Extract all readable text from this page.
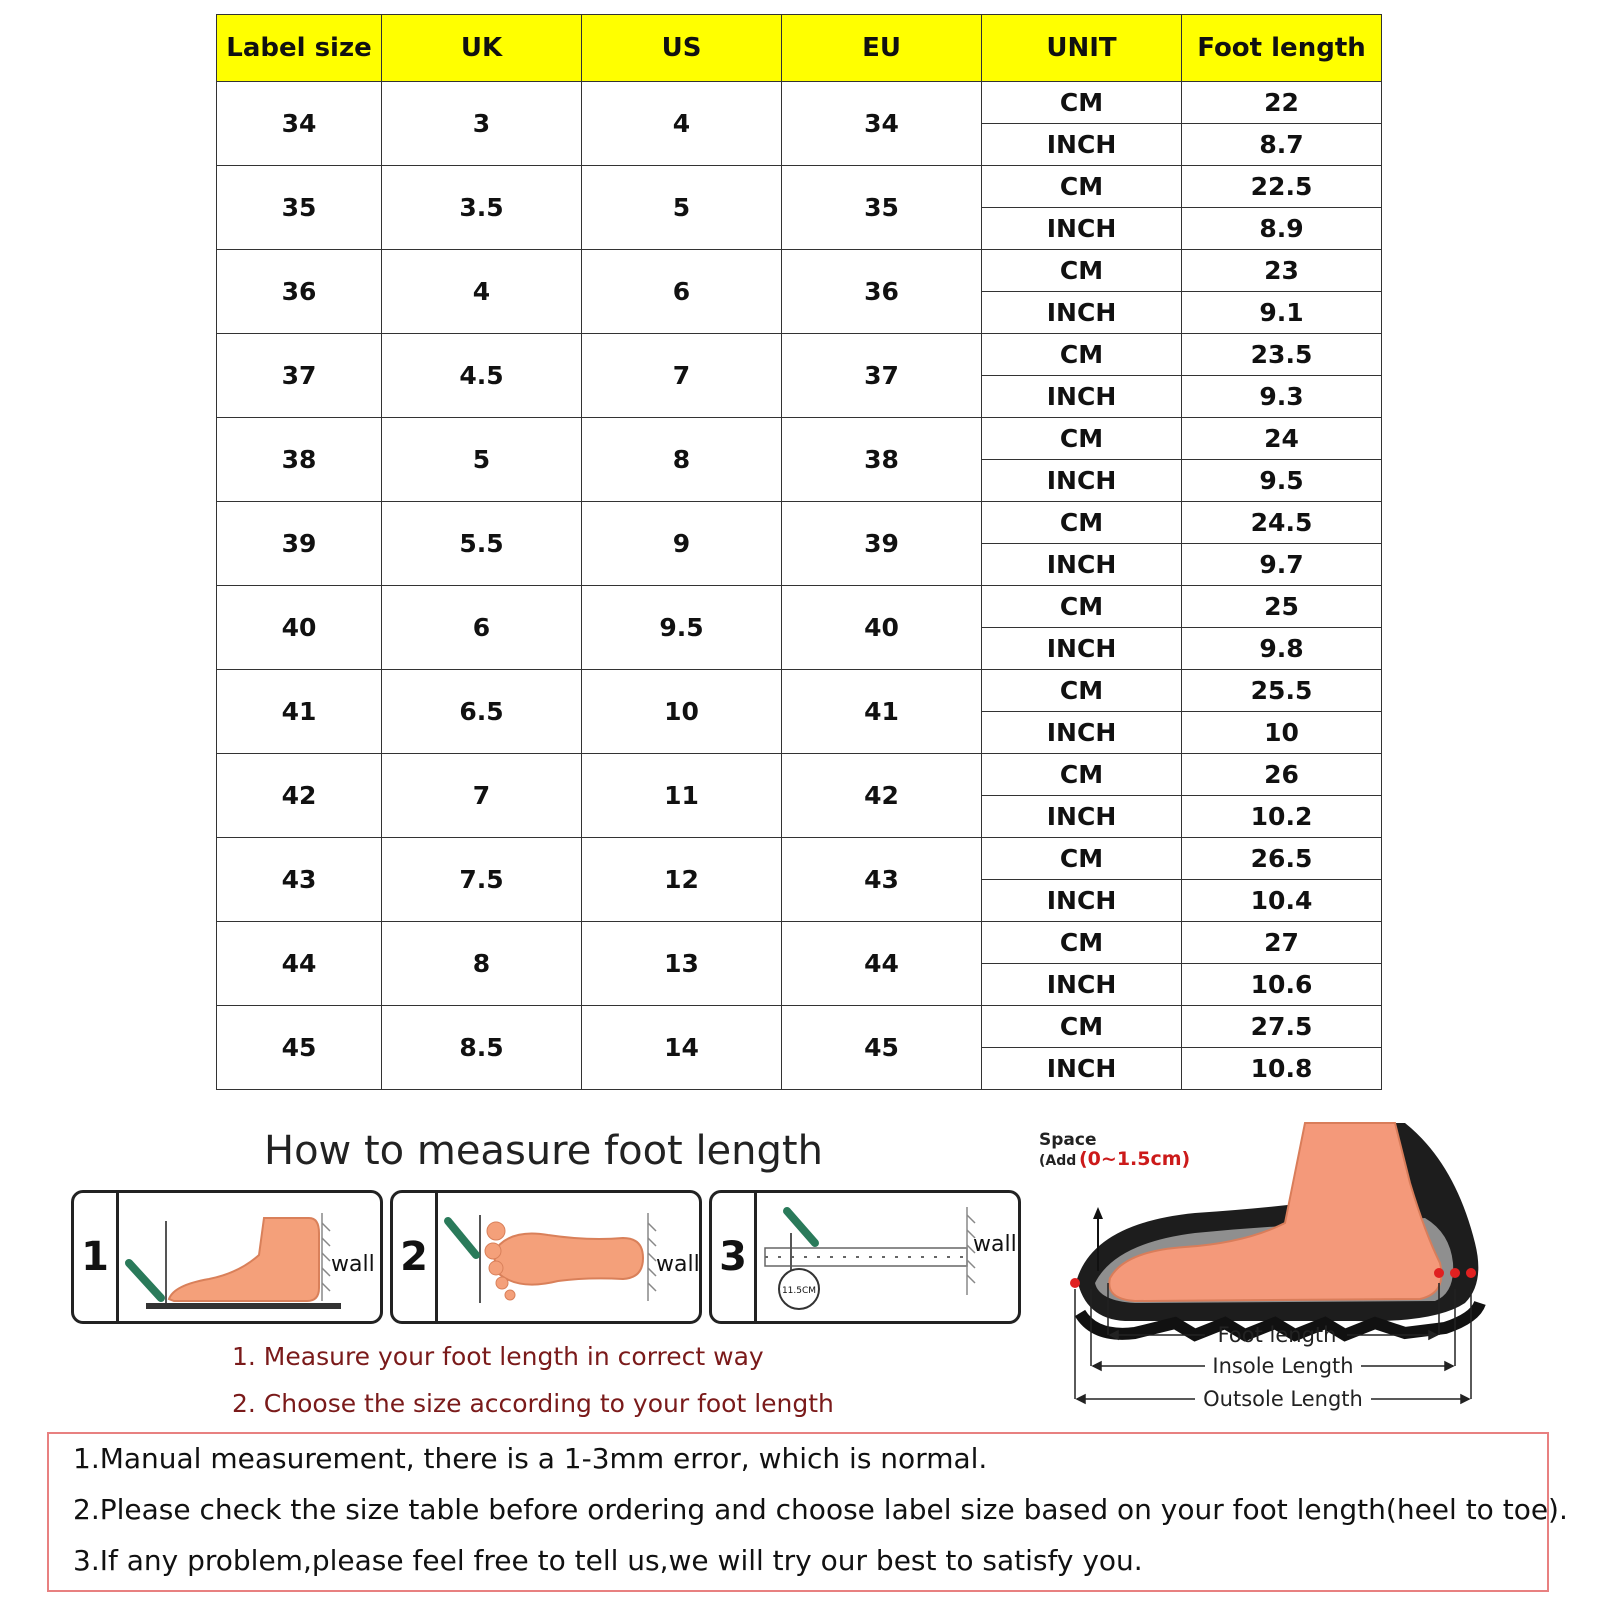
Label size	UK	US	EU	UNIT	Foot length
34	3	4	34	CM	22
				INCH	8.7
35	3.5	5	35	CM	22.5
				INCH	8.9
36	4	6	36	CM	23
				INCH	9.1
37	4.5	7	37	CM	23.5
				INCH	9.3
38	5	8	38	CM	24
				INCH	9.5
39	5.5	9	39	CM	24.5
				INCH	9.7
40	6	9.5	40	CM	25
				INCH	9.8
41	6.5	10	41	CM	25.5
				INCH	10
42	7	11	42	CM	26
				INCH	10.2
43	7.5	12	43	CM	26.5
				INCH	10.4
44	8	13	44	CM	27
				INCH	10.6
45	8.5	14	45	CM	27.5
				INCH	10.8
How to measure foot length
1	wall 2	wall 3
11.5CM
wall
1. Measure your foot length in correct way
2. Choose the size according to your foot length
Space
(Add (0~1.5cm)
Foot length
Insole Length
Outsole Length
1.Manual measurement, there is a 1-3mm error, which is normal.
2.Please check the size table before ordering and choose label size based on your foot length(heel to toe).
3.If any problem,please feel free to tell us,we will try our best to satisfy you.
